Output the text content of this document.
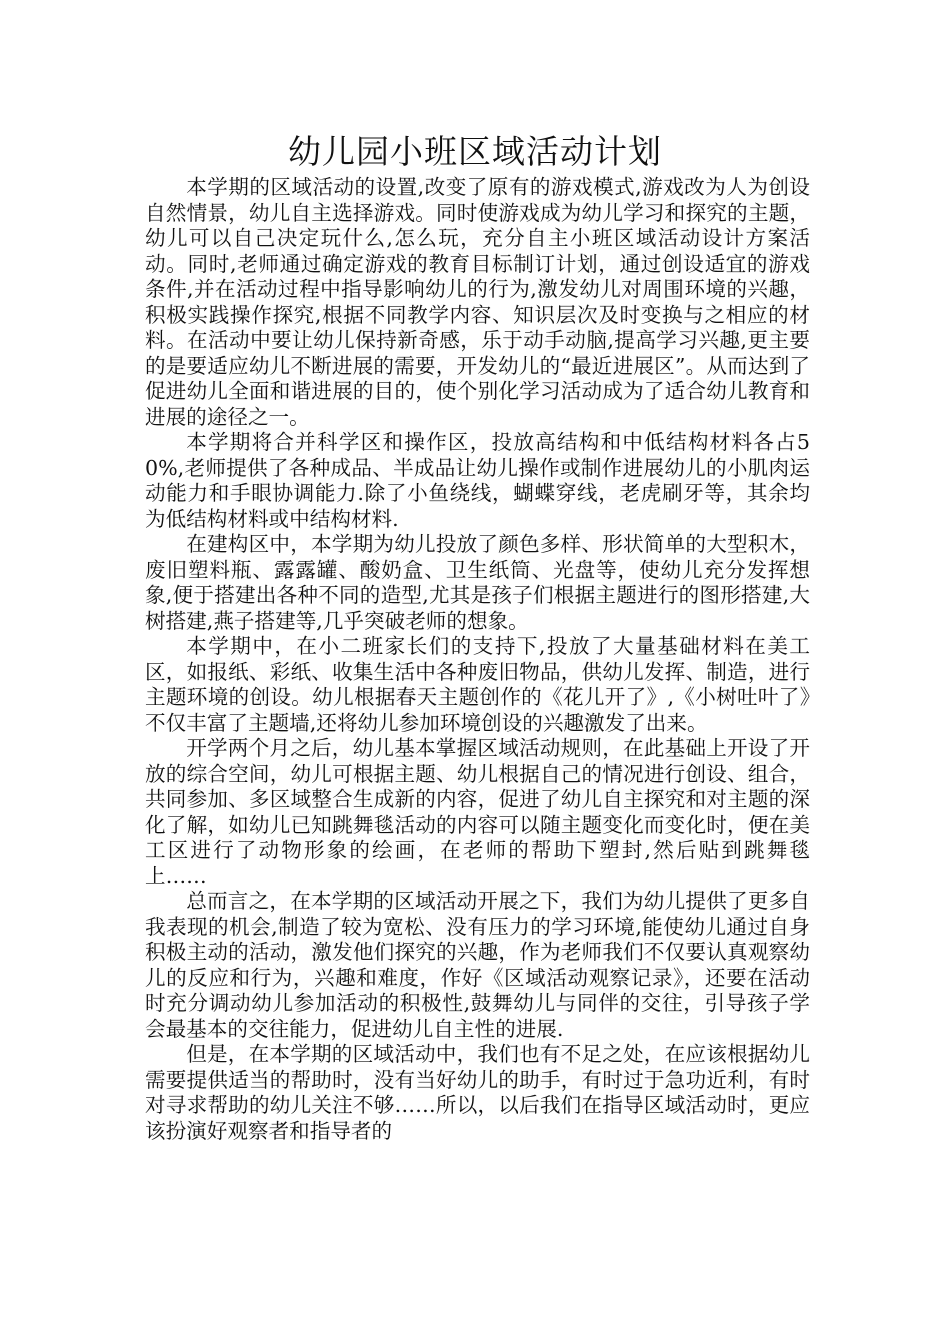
幼儿园小班区域活动计划

本学期的区域活动的设置,改变了原有的游戏模式,游戏改为人为创设自然情景，幼儿自主选择游戏。同时使游戏成为幼儿学习和探究的主题，幼儿可以自己决定玩什么,怎么玩，充分自主小班区域活动设计方案活动。同时,老师通过确定游戏的教育目标制订计划，通过创设适宜的游戏条件,并在活动过程中指导影响幼儿的行为,激发幼儿对周围环境的兴趣，积极实践操作探究,根据不同教学内容、知识层次及时变换与之相应的材料。在活动中要让幼儿保持新奇感，乐于动手动脑,提高学习兴趣,更主要的是要适应幼儿不断进展的需要，开发幼儿的“最近进展区”。从而达到了促进幼儿全面和谐进展的目的，使个别化学习活动成为了适合幼儿教育和进展的途径之一。

本学期将合并科学区和操作区，投放高结构和中低结构材料各占50%,老师提供了各种成品、半成品让幼儿操作或制作进展幼儿的小肌肉运动能力和手眼协调能力.除了小鱼绕线，蝴蝶穿线，老虎刷牙等，其余均为低结构材料或中结构材料.

在建构区中，本学期为幼儿投放了颜色多样、形状简单的大型积木，废旧塑料瓶、露露罐、酸奶盒、卫生纸筒、光盘等，使幼儿充分发挥想象,便于搭建出各种不同的造型,尤其是孩子们根据主题进行的图形搭建,大树搭建,燕子搭建等,几乎突破老师的想象。

本学期中，在小二班家长们的支持下,投放了大量基础材料在美工区，如报纸、彩纸、收集生活中各种废旧物品，供幼儿发挥、制造，进行主题环境的创设。幼儿根据春天主题创作的《花儿开了》,《小树吐叶了》不仅丰富了主题墙,还将幼儿参加环境创设的兴趣激发了出来。

开学两个月之后，幼儿基本掌握区域活动规则，在此基础上开设了开放的综合空间，幼儿可根据主题、幼儿根据自己的情况进行创设、组合，共同参加、多区域整合生成新的内容，促进了幼儿自主探究和对主题的深化了解，如幼儿已知跳舞毯活动的内容可以随主题变化而变化时，便在美工区进行了动物形象的绘画，在老师的帮助下塑封,然后贴到跳舞毯上……

总而言之，在本学期的区域活动开展之下，我们为幼儿提供了更多自我表现的机会,制造了较为宽松、没有压力的学习环境,能使幼儿通过自身积极主动的活动，激发他们探究的兴趣，作为老师我们不仅要认真观察幼儿的反应和行为，兴趣和难度，作好《区域活动观察记录》，还要在活动时充分调动幼儿参加活动的积极性,鼓舞幼儿与同伴的交往，引导孩子学会最基本的交往能力，促进幼儿自主性的进展.

但是，在本学期的区域活动中，我们也有不足之处，在应该根据幼儿需要提供适当的帮助时，没有当好幼儿的助手，有时过于急功近利，有时对寻求帮助的幼儿关注不够……所以，以后我们在指导区域活动时，更应该扮演好观察者和指导者的
